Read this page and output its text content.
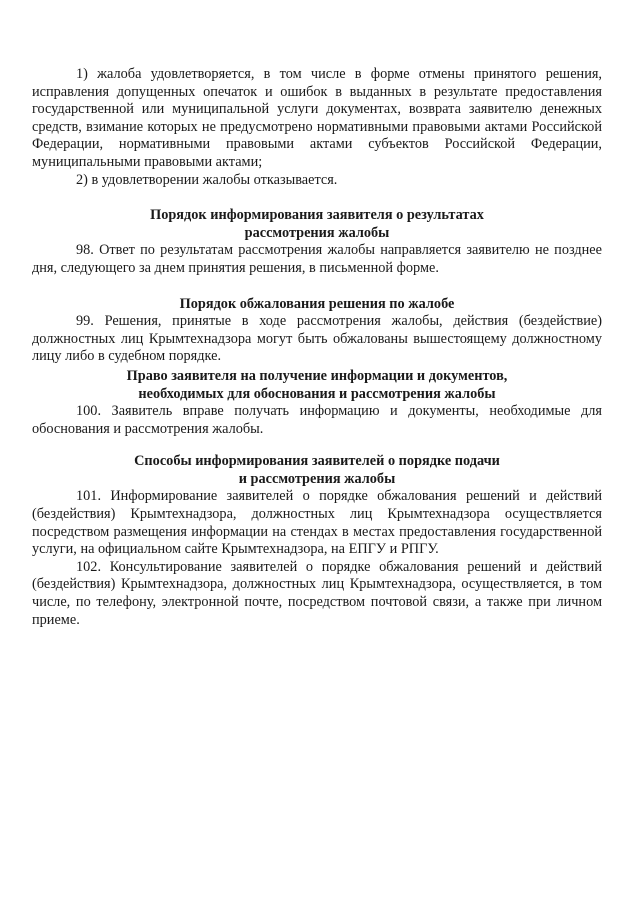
1) жалоба удовлетворяется, в том числе в форме отмены принятого решения, исправления допущенных опечаток и ошибок в выданных в результате предоставления государственной или муниципальной услуги документах, возврата заявителю денежных средств, взимание которых не предусмотрено нормативными правовыми актами Российской Федерации, нормативными правовыми актами субъектов Российской Федерации, муниципальными правовыми актами;

2) в удовлетворении жалобы отказывается.

Порядок информирования заявителя о результатах
рассмотрения жалобы

98. Ответ по результатам рассмотрения жалобы направляется заявителю не позднее дня, следующего за днем принятия решения, в письменной форме.

Порядок обжалования решения по жалобе

99. Решения, принятые в ходе рассмотрения жалобы, действия (бездействие) должностных лиц Крымтехнадзора могут быть обжалованы вышестоящему должностному лицу либо в судебном порядке.

Право заявителя на получение информации и документов,
необходимых для обоснования и рассмотрения жалобы

100. Заявитель вправе получать информацию и документы, необходимые для обоснования и рассмотрения жалобы.

Способы информирования заявителей о порядке подачи
и рассмотрения жалобы

101. Информирование заявителей о порядке обжалования решений и действий (бездействия) Крымтехнадзора, должностных лиц Крымтехнадзора осуществляется посредством размещения информации на стендах в местах предоставления государственной услуги, на официальном сайте Крымтехнадзора, на ЕПГУ и РПГУ.

102. Консультирование заявителей о порядке обжалования решений и действий (бездействия) Крымтехнадзора, должностных лиц Крымтехнадзора, осуществляется, в том числе, по телефону, электронной почте, посредством почтовой связи, а также при личном приеме.
